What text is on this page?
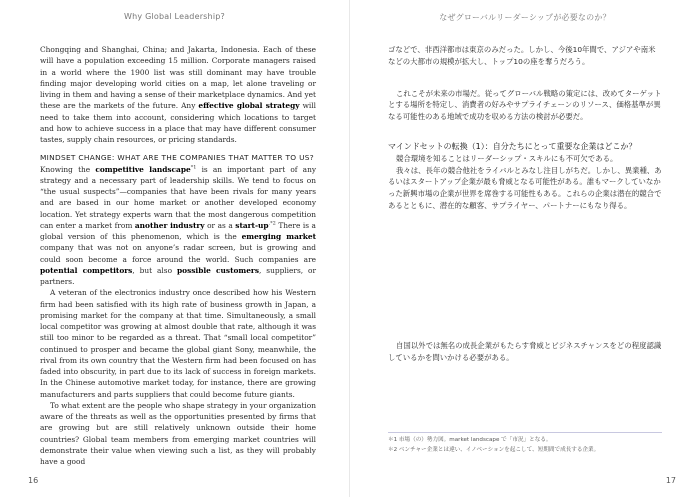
Why Global Leadership?

Chongqing and Shanghai, China; and Jakarta, Indonesia. Each of these will have a population exceeding 15 million. Corporate managers raised in a world where the 1900 list was still dominant may have trouble finding major developing world cities on a map, let alone traveling or living in them and having a sense of their marketplace dynamics. And yet these are the markets of the future. Any effective global strategy will need to take them into account, considering which locations to target and how to achieve success in a place that may have different consumer tastes, supply chain resources, or pricing standards.

MINDSET CHANGE: WHAT ARE THE COMPANIES THAT MATTER TO US?

Knowing the competitive landscape$^{*1}$ is an important part of any strategy and a necessary part of leadership skills. We tend to focus on “the usual suspects”—companies that have been rivals for many years and are based in our home market or another developed economy location. Yet strategy experts warn that the most dangerous competition can enter a market from another industry or as a start-$up^{.*2}$ There is a global version of this phenomenon, which is the emerging market company that was not on anyone’s radar screen, but is growing and could soon become a force around the world. Such companies are potential competitors, but also possible customers, suppliers, or partners.

A veteran of the electronics industry once described how his Western firm had been satisfied with its high rate of business growth in Japan, a promising market for the company at that time. Simultaneously, a small local competitor was growing at almost double that rate, although it was still too minor to be regarded as a threat. That “small local competitor” continued to prosper and became the global giant Sony, meanwhile, the rival from its own country that the Western firm had been focused on has faded into obscurity, in part due to its lack of success in foreign markets. In the Chinese automotive market today, for instance, there are growing manufacturers and parts suppliers that could become future giants.

To what extent are the people who shape strategy in your organization aware of the threats as well as the opportunities presented by firms that are growing but are still relatively unknown outside their home countries? Global team members from emerging market countries will demonstrate their value when viewing such a list, as they will probably have a good

16
なぜグローバルリーダーシップが必要なのか？

ゴなどで、非西洋都市は東京のみだった。しかし、今後10年間で、アジアや南米などの大都市の規模が拡大し、トップ10の座を奪うだろう。

これこそが未来の市場だ。従ってグローバル戦略の策定には、改めてターゲットとする場所を特定し、消費者の好みやサプライチェーンのリソース、価格基準が異なる可能性のある地域で成功を収める方法の検討が必要だ。

マインドセットの転換（1）：自分たちにとって重要な企業はどこか？

競合環境を知ることはリーダーシップ・スキルにも不可欠である。

我々は、長年の競合他社をライバルとみなし注目しがちだ。しかし、異業種、あるいはスタートアップ企業が最も脅威となる可能性がある。誰もマークしていなかった新興市場の企業が世界を席巻する可能性もある。これらの企業は潜在的競合であるとともに、潜在的な顧客、サプライヤー、パートナーにもなり得る。

自国以外では無名の成長企業がもたらす脅威とビジネスチャンスをどの程度認識しているかを問いかける必要がある。

＊1 市場（の）勢力図。market landscape で「市況」となる。

＊2 ベンチャー企業とは違い、イノベーションを起こして、短期間で成長する企業。

17
